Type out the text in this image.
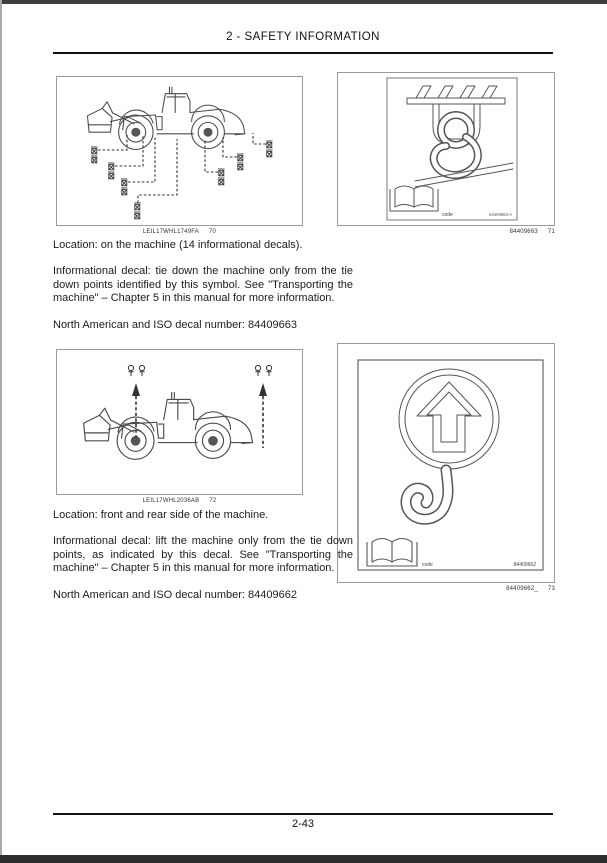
2 - SAFETY INFORMATION
LEIL17WHL1749FA 70
code	84409663-A
84409663 71

Location: on the machine (14 informational decals).

Informational decal: tie down the machine only from the tie down points identified by this symbol. See "Transporting the machine" – Chapter 5 in this manual for more information.

North American and ISO decal number: 84409663

LEIL17WHL2036AB 72
code	84409662
84409662_ 73

Location: front and rear side of the machine.

Informational decal: lift the machine only from the tie down points, as indicated by this decal. See "Transporting the machine" – Chapter 5 in this manual for more information.

North American and ISO decal number: 84409662

2-43
